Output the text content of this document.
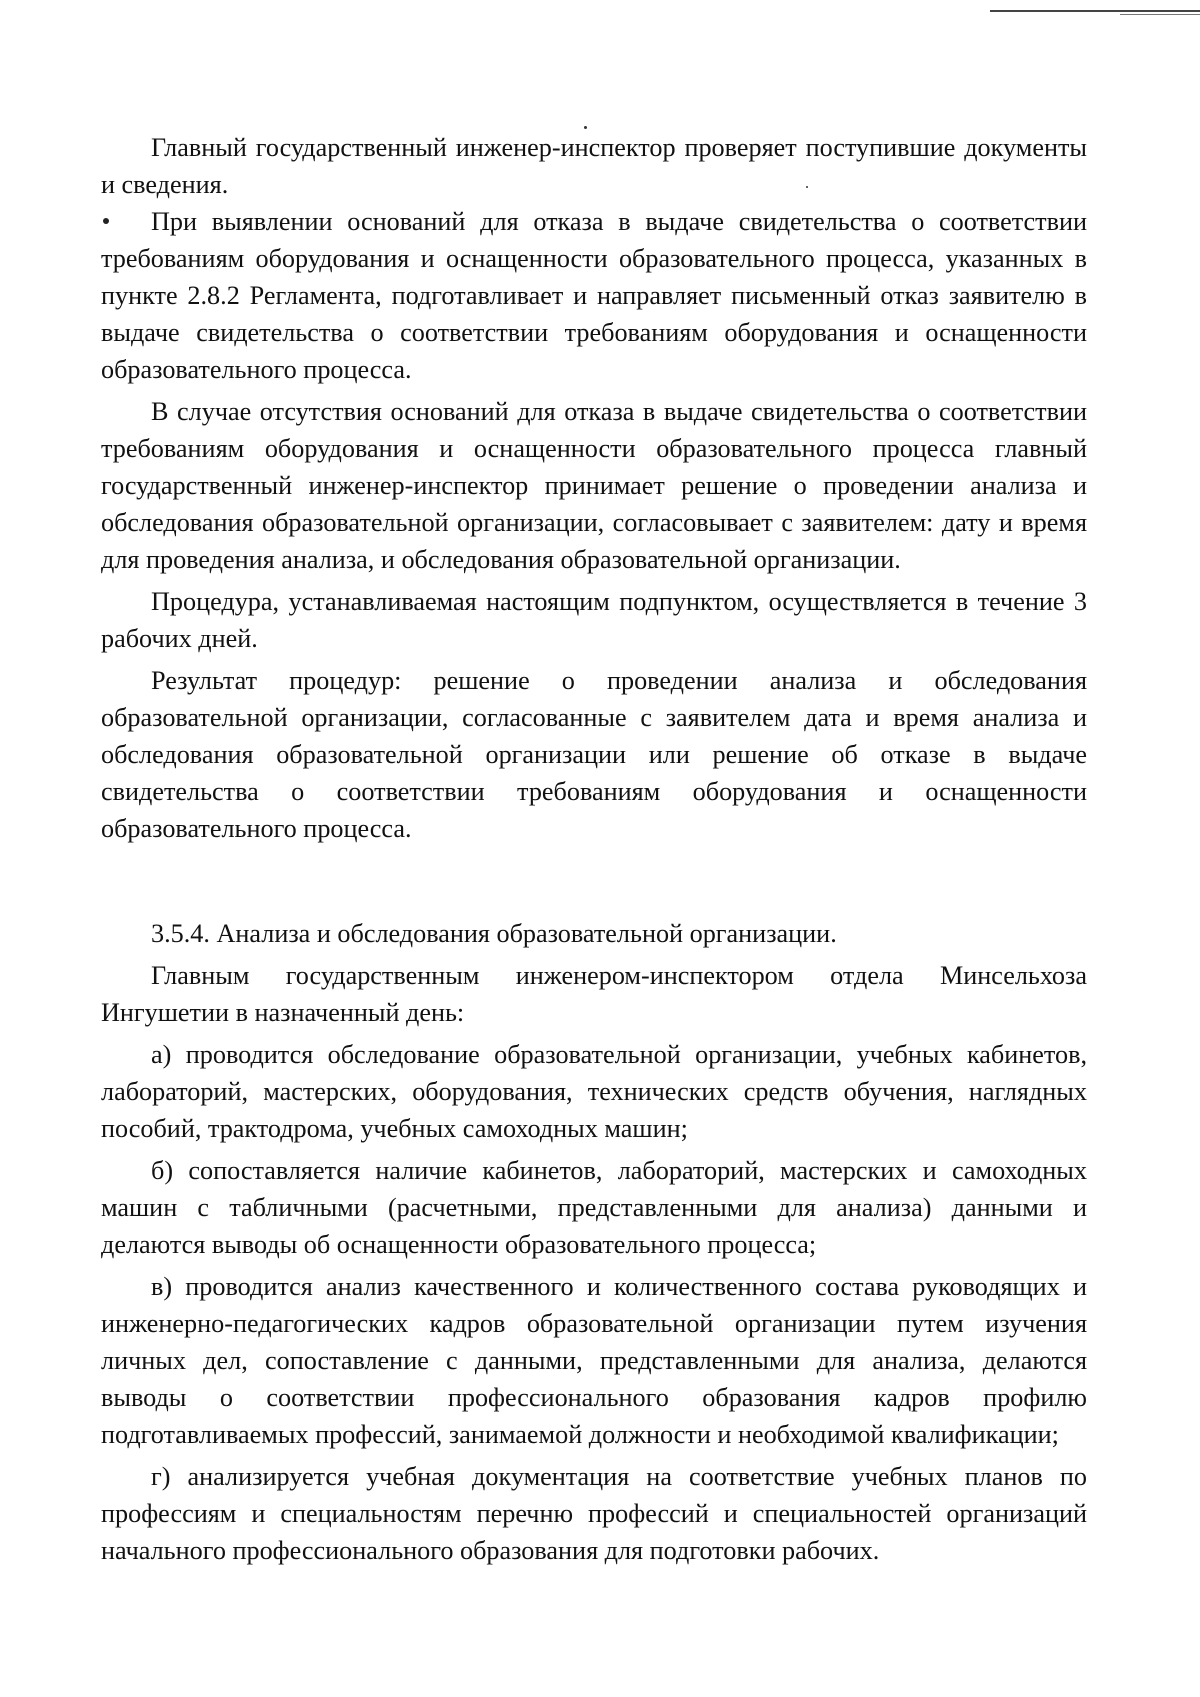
Главный государственный инженер-инспектор проверяет поступившие документы и сведения.

При выявлении оснований для отказа в выдаче свидетельства о соответствии требованиям оборудования и оснащенности образовательного процесса, указанных в пункте 2.8.2 Регламента, подготавливает и направляет письменный отказ заявителю в выдаче свидетельства о соответствии требованиям оборудования и оснащенности образовательного процесса.

В случае отсутствия оснований для отказа в выдаче свидетельства о соответствии требованиям оборудования и оснащенности образовательного процесса главный государственный инженер-инспектор принимает решение о проведении анализа и обследования образовательной организации, согласовывает с заявителем: дату и время для проведения анализа, и обследования образовательной организации.

Процедура, устанавливаемая настоящим подпунктом, осуществляется в течение 3 рабочих дней.

Результат процедур: решение о проведении анализа и обследования образовательной организации, согласованные с заявителем дата и время анализа и обследования образовательной организации или решение об отказе в выдаче свидетельства о соответствии требованиям оборудования и оснащенности образовательного процесса.

3.5.4. Анализа и обследования образовательной организации.

Главным государственным инженером-инспектором отдела Минсельхоза Ингушетии в назначенный день:

а) проводится обследование образовательной организации, учебных кабинетов, лабораторий, мастерских, оборудования, технических средств обучения, наглядных пособий, трактодрома, учебных самоходных машин;

б) сопоставляется наличие кабинетов, лабораторий, мастерских и самоходных машин с табличными (расчетными, представленными для анализа) данными и делаются выводы об оснащенности образовательного процесса;

в) проводится анализ качественного и количественного состава руководящих и инженерно-педагогических кадров образовательной организации путем изучения личных дел, сопоставление с данными, представленными для анализа, делаются выводы о соответствии профессионального образования кадров профилю подготавливаемых профессий, занимаемой должности и необходимой квалификации;

г) анализируется учебная документация на соответствие учебных планов по профессиям и специальностям перечню профессий и специальностей организаций начального профессионального образования для подготовки рабочих.
